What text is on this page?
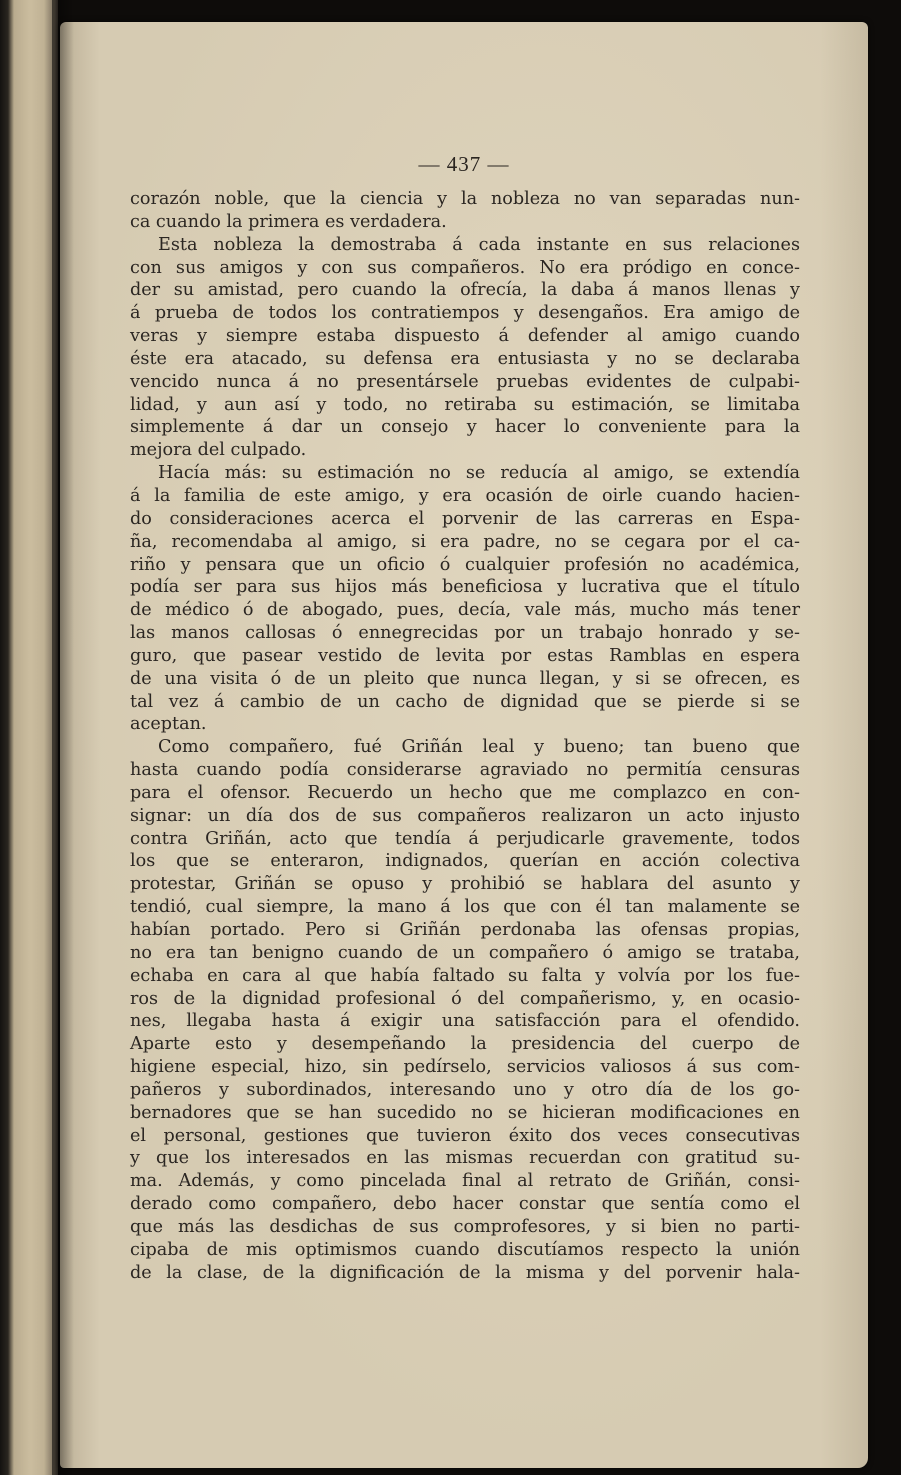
— 437 —
corazón noble, que la ciencia y la nobleza no van separadas nun-
ca cuando la primera es verdadera.
Esta nobleza la demostraba á cada instante en sus relaciones
con sus amigos y con sus compañeros. No era pródigo en conce-
der su amistad, pero cuando la ofrecía, la daba á manos llenas y
á prueba de todos los contratiempos y desengaños. Era amigo de
veras y siempre estaba dispuesto á defender al amigo cuando
éste era atacado, su defensa era entusiasta y no se declaraba
vencido nunca á no presentársele pruebas evidentes de culpabi-
lidad, y aun así y todo, no retiraba su estimación, se limitaba
simplemente á dar un consejo y hacer lo conveniente para la
mejora del culpado.
Hacía más: su estimación no se reducía al amigo, se extendía
á la familia de este amigo, y era ocasión de oirle cuando hacien-
do consideraciones acerca el porvenir de las carreras en Espa-
ña, recomendaba al amigo, si era padre, no se cegara por el ca-
riño y pensara que un oficio ó cualquier profesión no académica,
podía ser para sus hijos más beneficiosa y lucrativa que el título
de médico ó de abogado, pues, decía, vale más, mucho más tener
las manos callosas ó ennegrecidas por un trabajo honrado y se-
guro, que pasear vestido de levita por estas Ramblas en espera
de una visita ó de un pleito que nunca llegan, y si se ofrecen, es
tal vez á cambio de un cacho de dignidad que se pierde si se
aceptan.
Como compañero, fué Griñán leal y bueno; tan bueno que
hasta cuando podía considerarse agraviado no permitía censuras
para el ofensor. Recuerdo un hecho que me complazco en con-
signar: un día dos de sus compañeros realizaron un acto injusto
contra Griñán, acto que tendía á perjudicarle gravemente, todos
los que se enteraron, indignados, querían en acción colectiva
protestar, Griñán se opuso y prohibió se hablara del asunto y
tendió, cual siempre, la mano á los que con él tan malamente se
habían portado. Pero si Griñán perdonaba las ofensas propias,
no era tan benigno cuando de un compañero ó amigo se trataba,
echaba en cara al que había faltado su falta y volvía por los fue-
ros de la dignidad profesional ó del compañerismo, y, en ocasio-
nes, llegaba hasta á exigir una satisfacción para el ofendido.
Aparte esto y desempeñando la presidencia del cuerpo de
higiene especial, hizo, sin pedírselo, servicios valiosos á sus com-
pañeros y subordinados, interesando uno y otro día de los go-
bernadores que se han sucedido no se hicieran modificaciones en
el personal, gestiones que tuvieron éxito dos veces consecutivas
y que los interesados en las mismas recuerdan con gratitud su-
ma. Además, y como pincelada final al retrato de Griñán, consi-
derado como compañero, debo hacer constar que sentía como el
que más las desdichas de sus comprofesores, y si bien no parti-
cipaba de mis optimismos cuando discutíamos respecto la unión
de la clase, de la dignificación de la misma y del porvenir hala-
